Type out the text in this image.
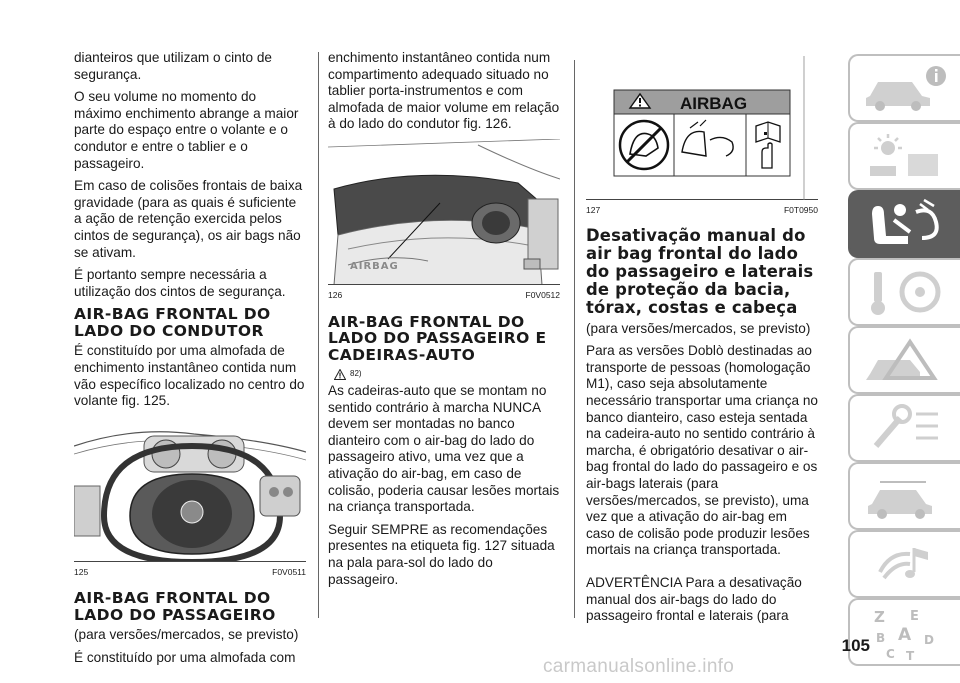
dianteiros que utilizam o cinto de segurança.

O seu volume no momento do máximo enchimento abrange a maior parte do espaço entre o volante e o condutor e entre o tablier e o passageiro.

Em caso de colisões frontais de baixa gravidade (para as quais é suficiente a ação de retenção exercida pelos cintos de segurança), os air bags não se ativam.

É portanto sempre necessária a utilização dos cintos de segurança.

AIR-BAG FRONTAL DO LADO DO CONDUTOR

É constituído por uma almofada de enchimento instantâneo contida num vão específico localizado no centro do volante fig. 125.

125	F0V0511
AIR-BAG FRONTAL DO LADO DO PASSAGEIRO

(para versões/mercados, se previsto)

É constituído por uma almofada com

enchimento instantâneo contida num compartimento adequado situado no tablier porta-instrumentos e com almofada de maior volume em relação à do lado do condutor fig. 126.

AIRBAG
126	F0V0512
AIR-BAG FRONTAL DO LADO DO PASSAGEIRO E CADEIRAS-AUTO
82)

As cadeiras-auto que se montam no sentido contrário à marcha NUNCA devem ser montadas no banco dianteiro com o air-bag do lado do passageiro ativo, uma vez que a ativação do air-bag, em caso de colisão, poderia causar lesões mortais na criança transportada.

Seguir SEMPRE as recomendações presentes na etiqueta fig. 127 situada na pala para-sol do lado do passageiro.

AIRBAG
127	F0T0950
Desativação manual do air bag frontal do lado do passageiro e laterais de proteção da bacia, tórax, costas e cabeça

(para versões/mercados, se previsto)

Para as versões Doblò destinadas ao transporte de pessoas (homologação M1), caso seja absolutamente necessário transportar uma criança no banco dianteiro, caso esteja sentada na cadeira-auto no sentido contrário à marcha, é obrigatório desativar o air-bag frontal do lado do passageiro e os air-bags laterais (para versões/mercados, se previsto), uma vez que a ativação do air-bag em caso de colisão pode produzir lesões mortais na criança transportada.

ADVERTÊNCIA Para a desativação manual dos air-bags do lado do passageiro frontal e laterais (para	Z E
B A
C
D
T
105
carmanualsonline.info
